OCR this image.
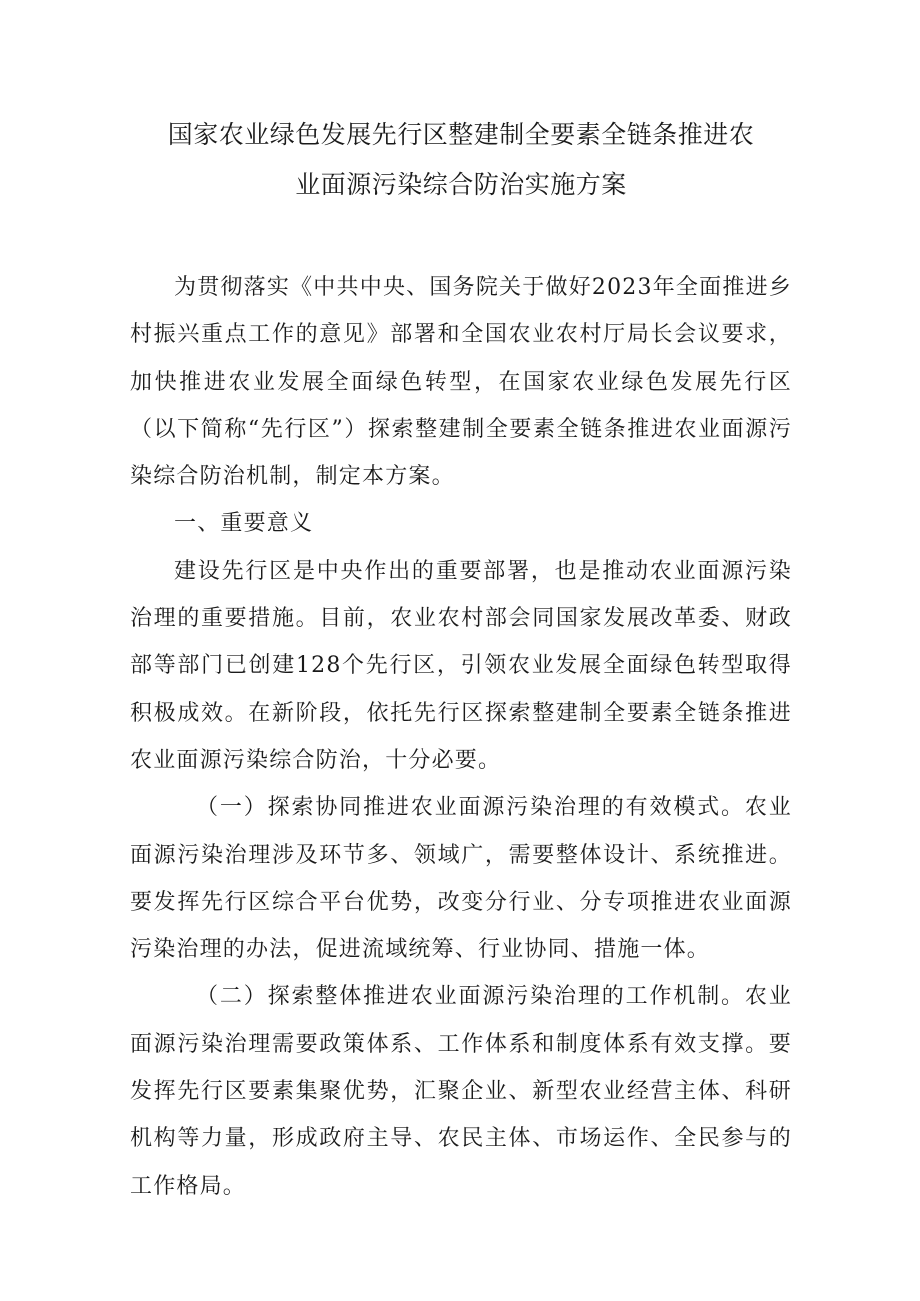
国家农业绿色发展先行区整建制全要素全链条推进农
业面源污染综合防治实施方案

为贯彻落实《中共中央、国务院关于做好2023年全面推进乡村振兴重点工作的意见》部署和全国农业农村厅局长会议要求，加快推进农业发展全面绿色转型，在国家农业绿色发展先行区（以下简称“先行区”）探索整建制全要素全链条推进农业面源污染综合防治机制，制定本方案。

一、重要意义

建设先行区是中央作出的重要部署，也是推动农业面源污染治理的重要措施。目前，农业农村部会同国家发展改革委、财政部等部门已创建128个先行区，引领农业发展全面绿色转型取得积极成效。在新阶段，依托先行区探索整建制全要素全链条推进农业面源污染综合防治，十分必要。

（一）探索协同推进农业面源污染治理的有效模式。农业面源污染治理涉及环节多、领域广，需要整体设计、系统推进。要发挥先行区综合平台优势，改变分行业、分专项推进农业面源污染治理的办法，促进流域统筹、行业协同、措施一体。

（二）探索整体推进农业面源污染治理的工作机制。农业面源污染治理需要政策体系、工作体系和制度体系有效支撑。要发挥先行区要素集聚优势，汇聚企业、新型农业经营主体、科研机构等力量，形成政府主导、农民主体、市场运作、全民参与的工作格局。
